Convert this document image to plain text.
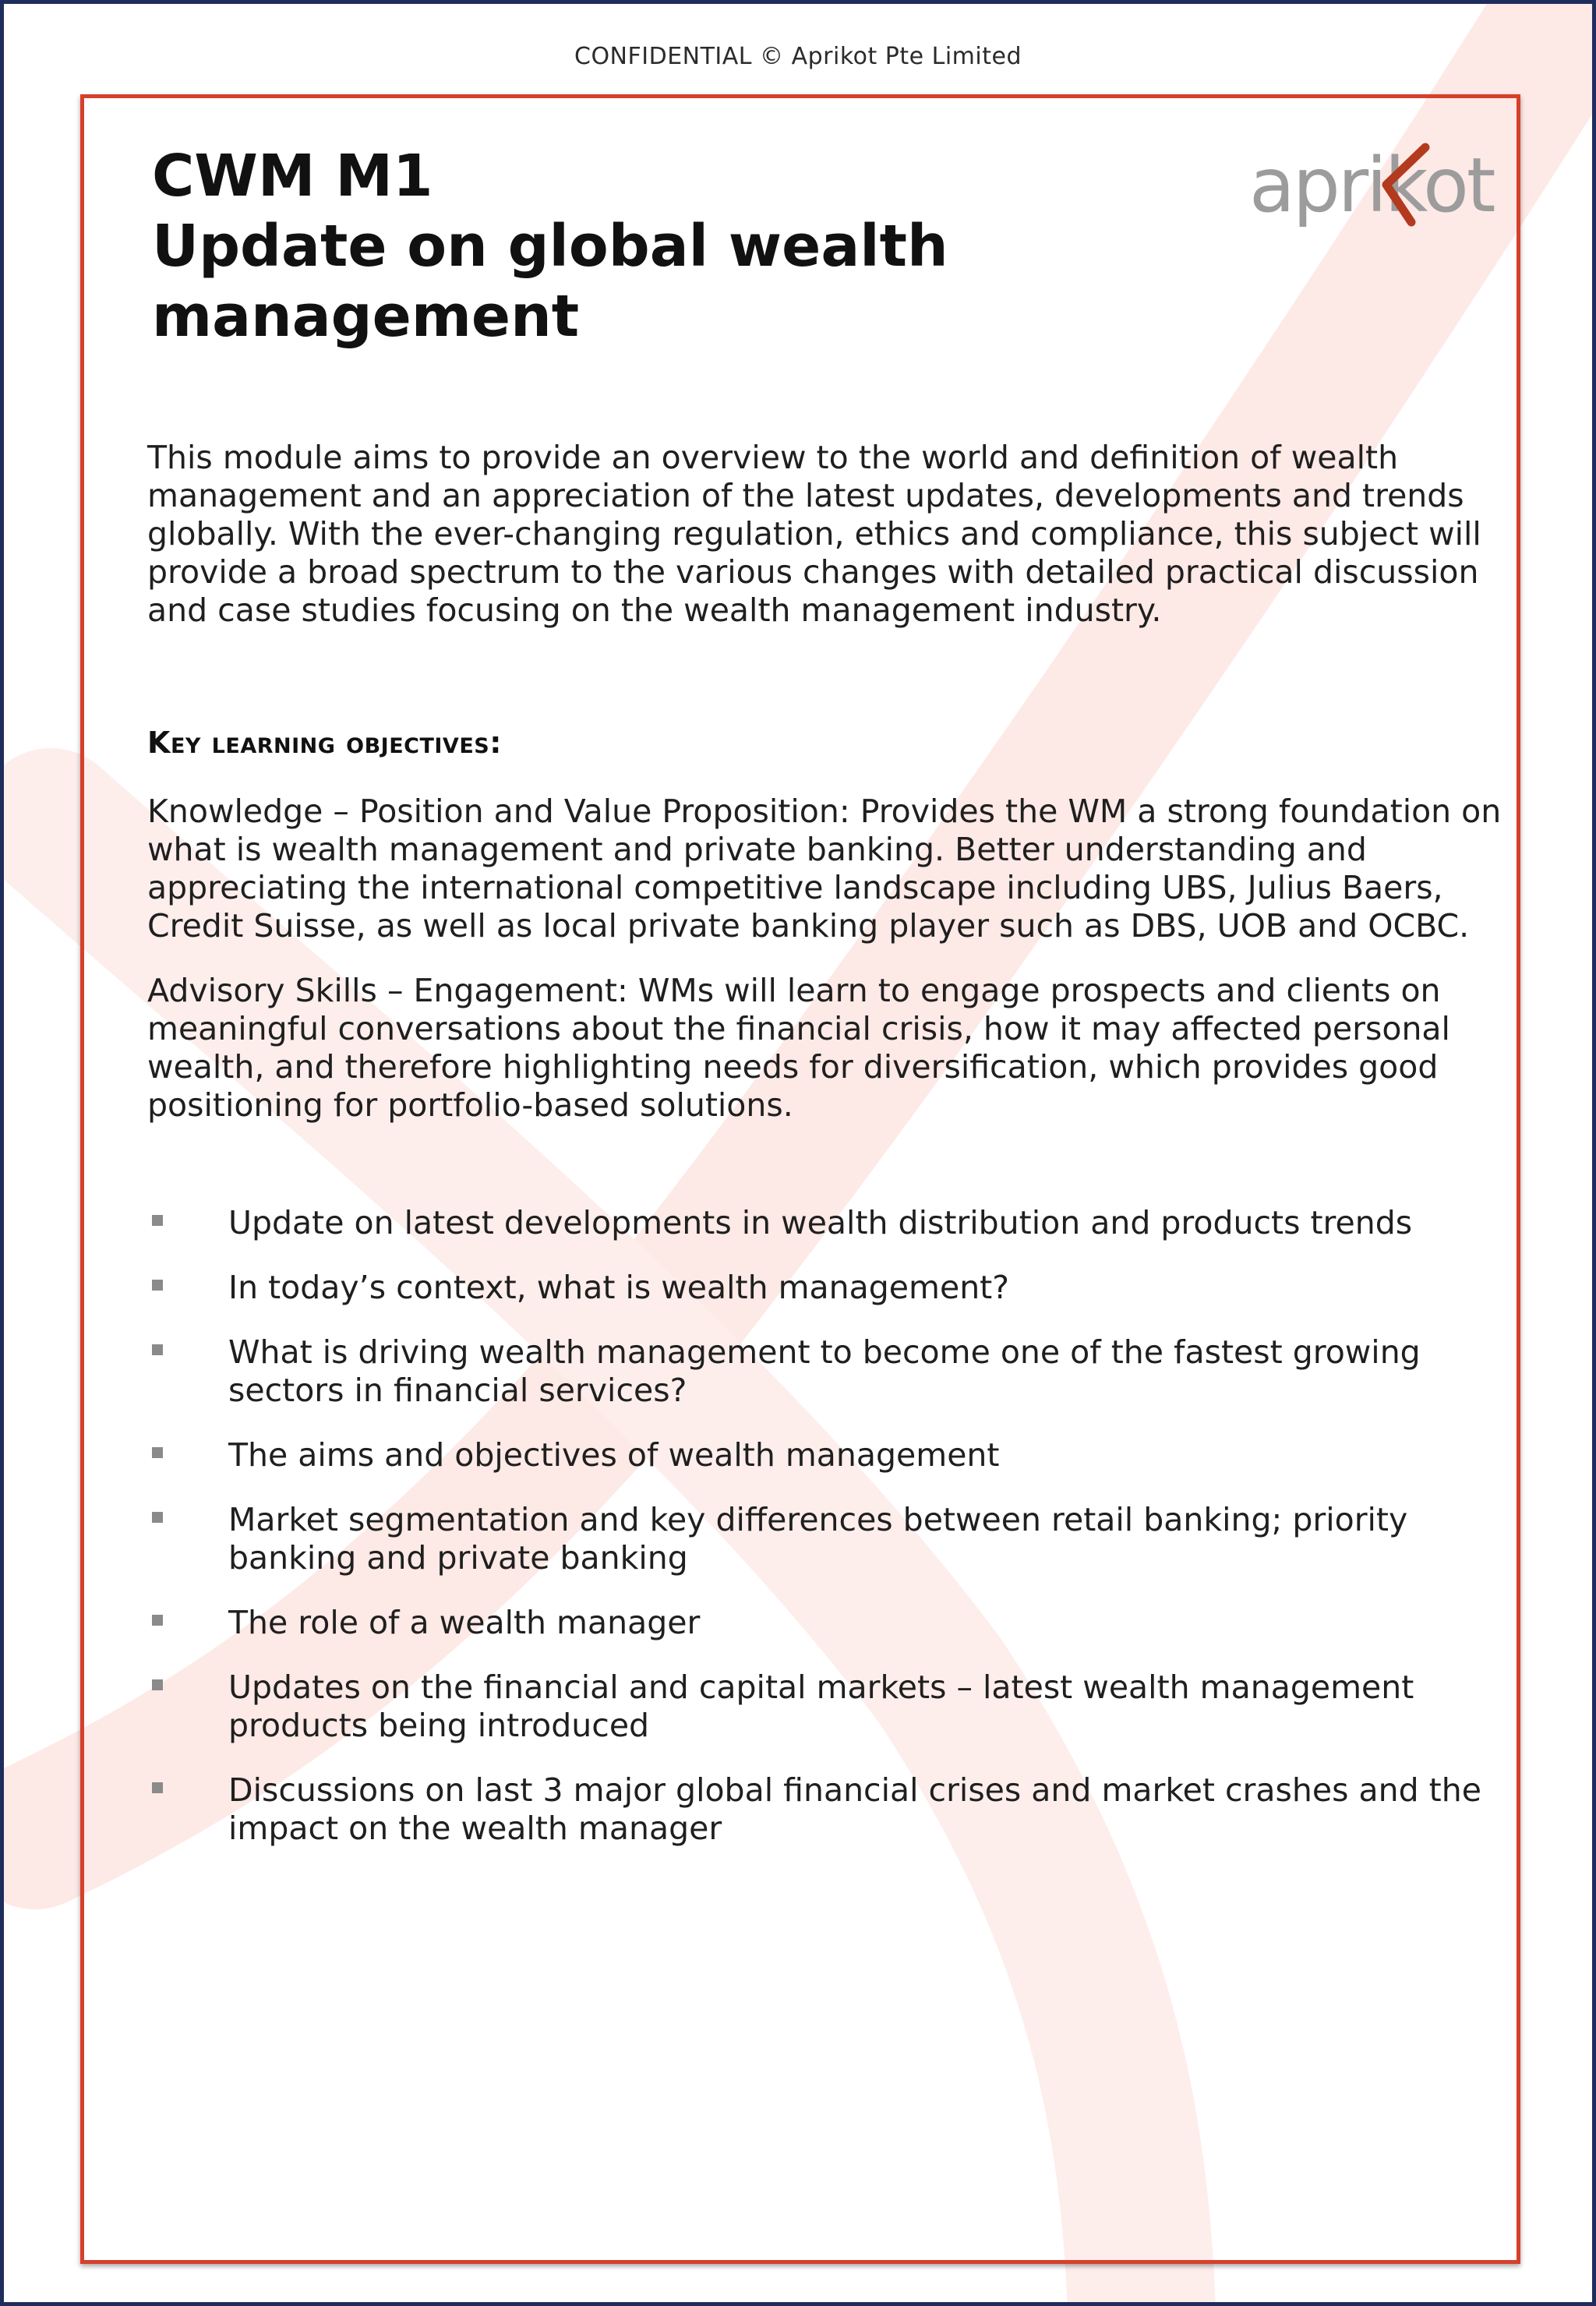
CONFIDENTIAL © Aprikot Pte Limited
CWM M1
Update on global wealth
management
aprikot

This module aims to provide an overview to the world and definition of wealth management and an appreciation of the latest updates, developments and trends globally. With the ever-changing regulation, ethics and compliance, this subject will provide a broad spectrum to the various changes with detailed practical discussion and case studies focusing on the wealth management industry.

Key learning objectives:

Knowledge – Position and Value Proposition: Provides the WM a strong foundation on what is wealth management and private banking. Better understanding and appreciating the international competitive landscape including UBS, Julius Baers, Credit Suisse, as well as local private banking player such as DBS, UOB and OCBC.

Advisory Skills – Engagement: WMs will learn to engage prospects and clients on meaningful conversations about the financial crisis, how it may affected personal wealth, and therefore highlighting needs for diversification, which provides good positioning for portfolio-based solutions.

Update on latest developments in wealth distribution and products trends
In today’s context, what is wealth management?
What is driving wealth management to become one of the fastest growing sectors in financial services?
The aims and objectives of wealth management
Market segmentation and key differences between retail banking; priority banking and private banking
The role of a wealth manager
Updates on the financial and capital markets – latest wealth management products being introduced
Discussions on last 3 major global financial crises and market crashes and the impact on the wealth manager
